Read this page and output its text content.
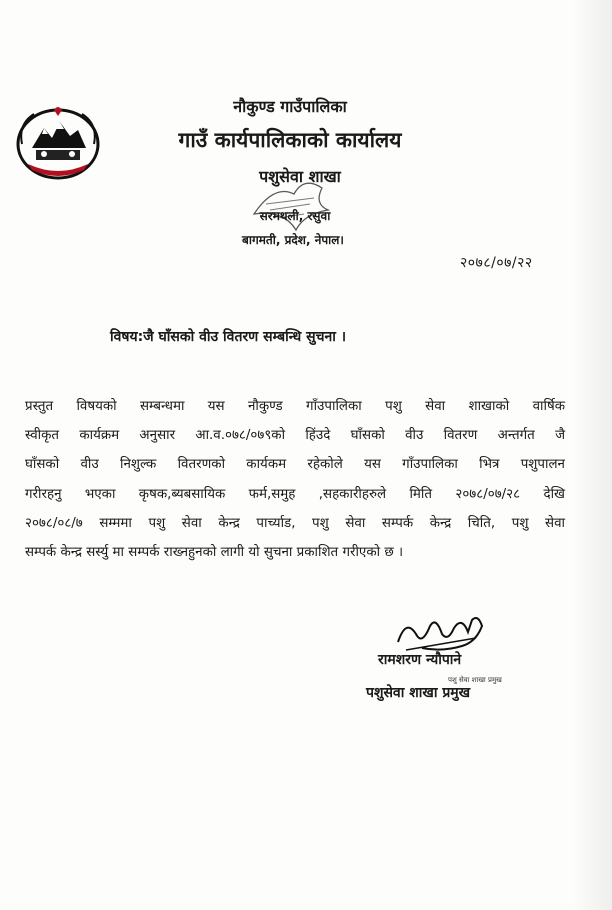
नौकुण्ड गाउँपालिका
गाउँ कार्यपालिकाको कार्यालय
पशुसेवा शाखा
सरमथली, रसुवा
बागमती, प्रदेश, नेपाल।
२०७८/०७/२२
विषय:जै घाँसको वीउ वितरण सम्बन्धि सुचना ।
प्रस्तुत विषयको सम्बन्धमा यस नौकुण्ड गाँउपालिका पशु सेवा शाखाको वार्षिक
स्वीकृत कार्यक्रम अनुसार आ.व.०७८/०७९को हिंउदे घाँसको वीउ वितरण अन्तर्गत जै
घाँसको वीउ निशुल्क वितरणको कार्यकम रहेकोले यस गाँउपालिका भित्र पशुपालन
गरीरहनु भएका कृषक,ब्यबसायिक फर्म,समुह ,सहकारीहरुले मिति २०७८/०७/२८ देखि
२०७८/०८/७ सम्ममा पशु सेवा केन्द्र पार्च्याड, पशु सेवा सम्पर्क केन्द्र चिति, पशु सेवा
सम्पर्क केन्द्र सर्स्यु मा सम्पर्क राख्नहुनको लागी यो सुचना प्रकाशित गरीएको छ ।
रामशरण न्यौपाने
पशु सेवा शाखा प्रमुख
पशुसेवा शाखा प्रमुख
